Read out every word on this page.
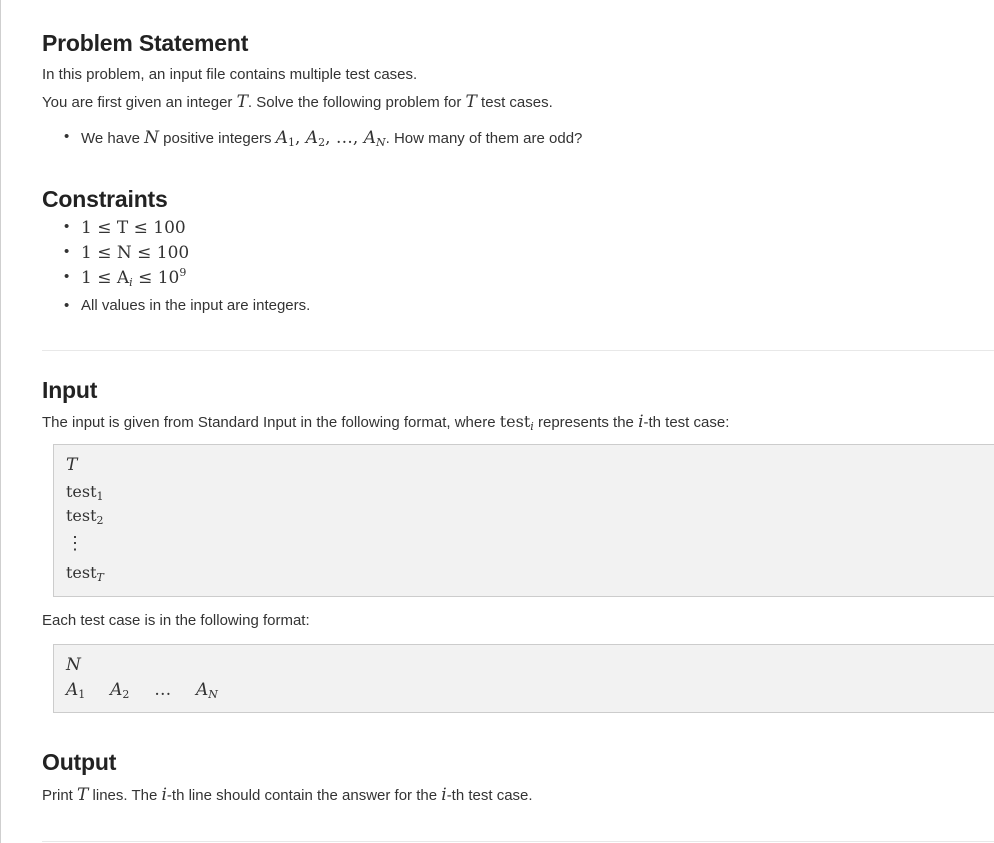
Problem Statement

In this problem, an input file contains multiple test cases.

You are first given an integer T. Solve the following problem for T test cases.

• We have N positive integers A1, A2, …, AN. How many of them are odd?
Constraints
• 1 ≤ T ≤ 100
• 1 ≤ N ≤ 100
• $1 \le Ai \le 10^9$
• All values in the input are integers.
Input

The input is given from Standard Input in the following format, where test$_i$ represents the i-th test case:

T
test1
test2
⋮
testT

Each test case is in the following format:

N
A1 A2 … AN
Output

Print T lines. The i-th line should contain the answer for the i-th test case.
